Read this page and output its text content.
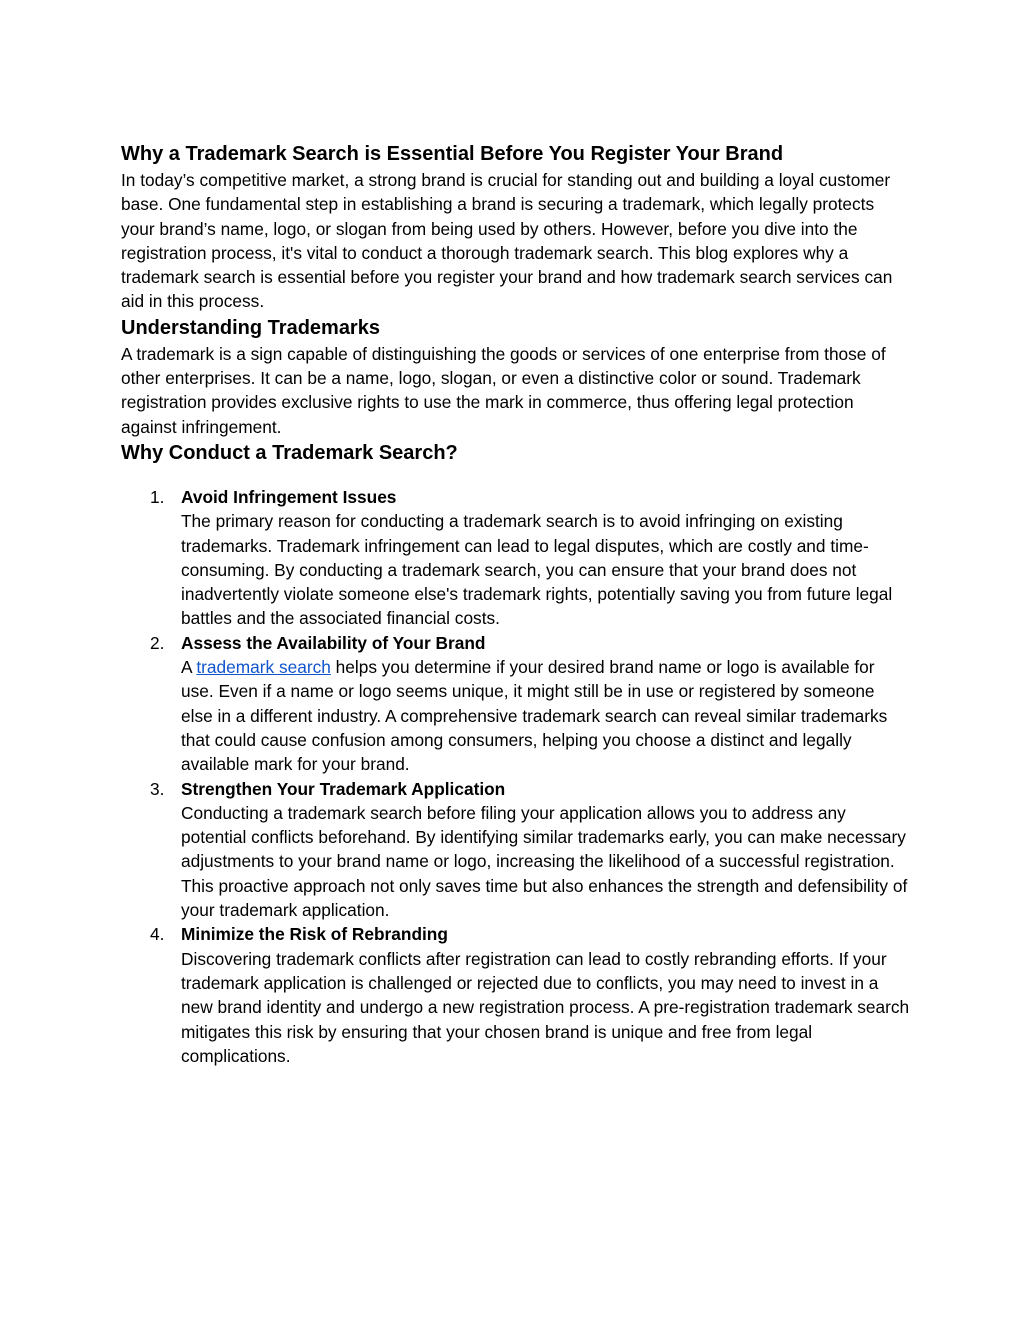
Why a Trademark Search is Essential Before You Register Your Brand

In today’s competitive market, a strong brand is crucial for standing out and building a loyal customer base. One fundamental step in establishing a brand is securing a trademark, which legally protects your brand’s name, logo, or slogan from being used by others. However, before you dive into the registration process, it's vital to conduct a thorough trademark search. This blog explores why a trademark search is essential before you register your brand and how trademark search services can aid in this process.

Understanding Trademarks

A trademark is a sign capable of distinguishing the goods or services of one enterprise from those of other enterprises. It can be a name, logo, slogan, or even a distinctive color or sound. Trademark registration provides exclusive rights to use the mark in commerce, thus offering legal protection against infringement.

Why Conduct a Trademark Search?
1. Avoid Infringement Issues
The primary reason for conducting a trademark search is to avoid infringing on existing trademarks. Trademark infringement can lead to legal disputes, which are costly and time-consuming. By conducting a trademark search, you can ensure that your brand does not inadvertently violate someone else's trademark rights, potentially saving you from future legal battles and the associated financial costs.
2. Assess the Availability of Your Brand
A trademark search helps you determine if your desired brand name or logo is available for use. Even if a name or logo seems unique, it might still be in use or registered by someone else in a different industry. A comprehensive trademark search can reveal similar trademarks that could cause confusion among consumers, helping you choose a distinct and legally available mark for your brand.
3. Strengthen Your Trademark Application
Conducting a trademark search before filing your application allows you to address any potential conflicts beforehand. By identifying similar trademarks early, you can make necessary adjustments to your brand name or logo, increasing the likelihood of a successful registration. This proactive approach not only saves time but also enhances the strength and defensibility of your trademark application.
4. Minimize the Risk of Rebranding
Discovering trademark conflicts after registration can lead to costly rebranding efforts. If your trademark application is challenged or rejected due to conflicts, you may need to invest in a new brand identity and undergo a new registration process. A pre-registration trademark search mitigates this risk by ensuring that your chosen brand is unique and free from legal complications.
